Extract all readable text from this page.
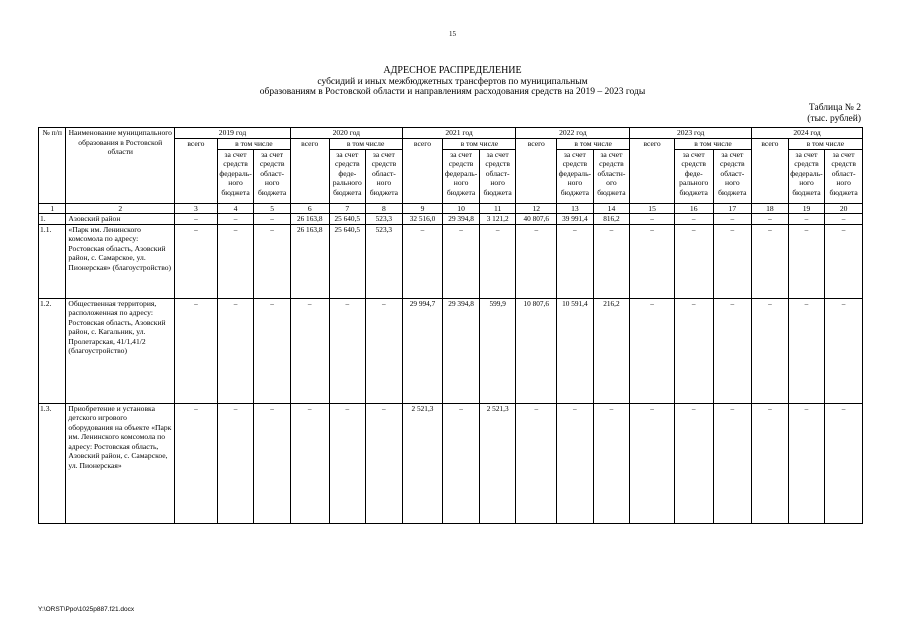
15
АДРЕСНОЕ РАСПРЕДЕЛЕНИЕ
субсидий и иных межбюджетных трансфертов по муниципальным
образованиям в Ростовской области и направлениям расходования средств на 2019 – 2023 годы
Таблица № 2
(тыс. рублей)
№ п/п	Наименование муниципального образования в Ростовской области	2019 год			2020 год			2021 год			2022 год			2023 год			2024 год		
		всего	в том числе		всего	в том числе		всего	в том числе		всего	в том числе		всего	в том числе		всего	в том числе	
			за счет средств федераль-ного бюджета	за счет средств област-ного бюджета		за счет средств феде-рального бюджета	за счет средств област-ного бюджета		за счет средств федераль-ного бюджета	за счет средств област-ного бюджета		за счет средств федераль-ного бюджета	за счет средств областн-ого бюджета		за счет средств феде-рального бюджета	за счет средств област-ного бюджета		за счет средств федераль-ного бюджета	за счет средств област-ного бюджета
1	2	3	4	5	6	7	8	9	10	11	12	13	14	15	16	17	18	19	20
1.	Азовский район	–	–	–	26 163,8	25 640,5	523,3	32 516,0	29 394,8	3 121,2	40 807,6	39 991,4	816,2	–	–	–	–	–	–
1.1.	«Парк им. Ленинского комсомола по адресу: Ростовская область, Азовский район, с. Самарское, ул. Пионерская» (благоустройство)	–	–	–	26 163,8	25 640,5	523,3	–	–	–	–	–	–	–	–	–	–	–	–
1.2.	Общественная территория, расположенная по адресу: Ростовская область, Азовский район, с. Кагальник, ул. Пролетарская, 41/1,41/2 (благоустройство)	–	–	–	–	–	–	29 994,7	29 394,8	599,9	10 807,6	10 591,4	216,2	–	–	–	–	–	–
1.3.	Приобретение и установка детского игрового оборудования на объекте «Парк им. Ленинского комсомола по адресу: Ростовская область, Азовский район, с. Самарское, ул. Пионерская»	–	–	–	–	–	–	2 521,3	–	2 521,3	–	–	–	–	–	–	–	–	–
Y:\ORST\Ppo\1025p887.f21.docx
